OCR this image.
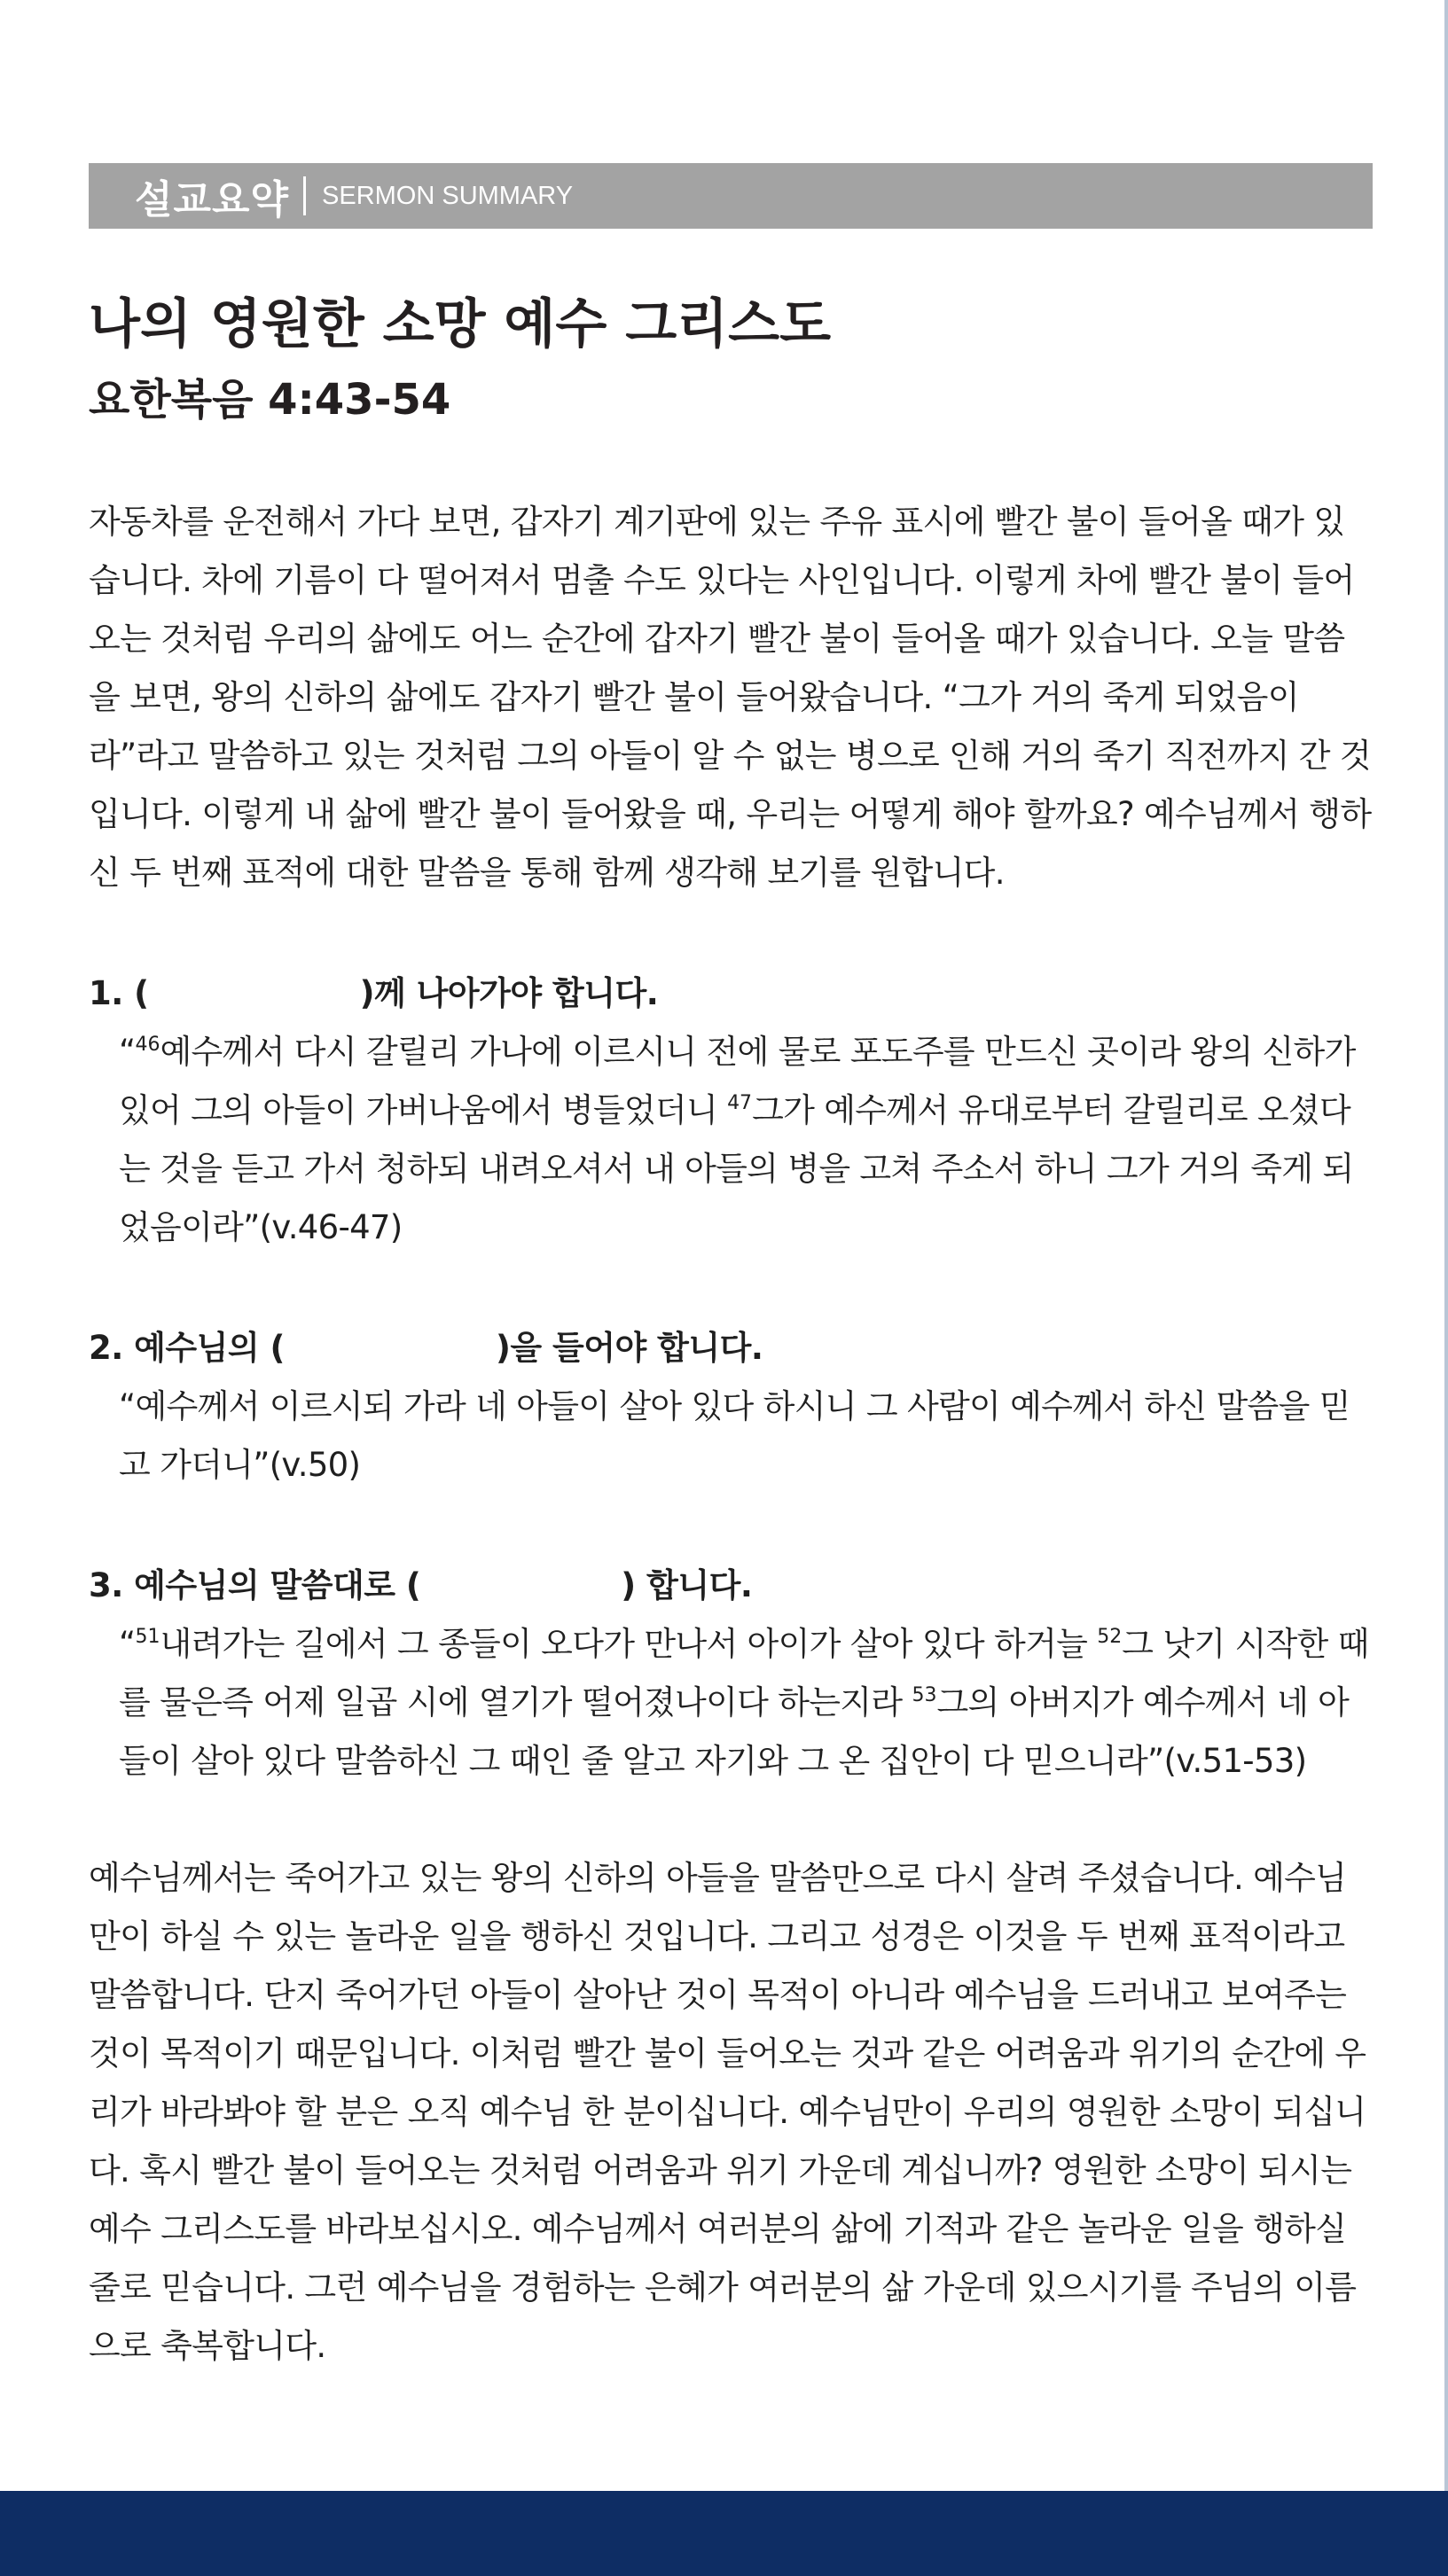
설교요약 SERMON SUMMARY
나의 영원한 소망 예수 그리스도
요한복음 4:43-54

자동차를 운전해서 가다 보면, 갑자기 계기판에 있는 주유 표시에 빨간 불이 들어올 때가 있습니다. 차에 기름이 다 떨어져서 멈출 수도 있다는 사인입니다. 이렇게 차에 빨간 불이 들어오는 것처럼 우리의 삶에도 어느 순간에 갑자기 빨간 불이 들어올 때가 있습니다. 오늘 말씀을 보면, 왕의 신하의 삶에도 갑자기 빨간 불이 들어왔습니다. “그가 거의 죽게 되었음이라”라고 말씀하고 있는 것처럼 그의 아들이 알 수 없는 병으로 인해 거의 죽기 직전까지 간 것입니다. 이렇게 내 삶에 빨간 불이 들어왔을 때, 우리는 어떻게 해야 할까요? 예수님께서 행하신 두 번째 표적에 대한 말씀을 통해 함께 생각해 보기를 원합니다.

1. (	)께 나아가야 합니다.

“$^{46}$예수께서 다시 갈릴리 가나에 이르시니 전에 물로 포도주를 만드신 곳이라 왕의 신하가 있어 그의 아들이 가버나움에서 병들었더니 $^{47}$그가 예수께서 유대로부터 갈릴리로 오셨다는 것을 듣고 가서 청하되 내려오셔서 내 아들의 병을 고쳐 주소서 하니 그가 거의 죽게 되었음이라”(v.46-47)

2. 예수님의 (	)을 들어야 합니다.

“예수께서 이르시되 가라 네 아들이 살아 있다 하시니 그 사람이 예수께서 하신 말씀을 믿고 가더니”(v.50)

3. 예수님의 말씀대로 (	) 합니다.

“$^{51}$내려가는 길에서 그 종들이 오다가 만나서 아이가 살아 있다 하거늘 $^{52}$그 낫기 시작한 때를 물은즉 어제 일곱 시에 열기가 떨어졌나이다 하는지라 $^{53}$그의 아버지가 예수께서 네 아들이 살아 있다 말씀하신 그 때인 줄 알고 자기와 그 온 집안이 다 믿으니라”(v.51-53)

예수님께서는 죽어가고 있는 왕의 신하의 아들을 말씀만으로 다시 살려 주셨습니다. 예수님만이 하실 수 있는 놀라운 일을 행하신 것입니다. 그리고 성경은 이것을 두 번째 표적이라고 말씀합니다. 단지 죽어가던 아들이 살아난 것이 목적이 아니라 예수님을 드러내고 보여주는 것이 목적이기 때문입니다. 이처럼 빨간 불이 들어오는 것과 같은 어려움과 위기의 순간에 우리가 바라봐야 할 분은 오직 예수님 한 분이십니다. 예수님만이 우리의 영원한 소망이 되십니다. 혹시 빨간 불이 들어오는 것처럼 어려움과 위기 가운데 계십니까? 영원한 소망이 되시는 예수 그리스도를 바라보십시오. 예수님께서 여러분의 삶에 기적과 같은 놀라운 일을 행하실 줄로 믿습니다. 그런 예수님을 경험하는 은혜가 여러분의 삶 가운데 있으시기를 주님의 이름으로 축복합니다.
